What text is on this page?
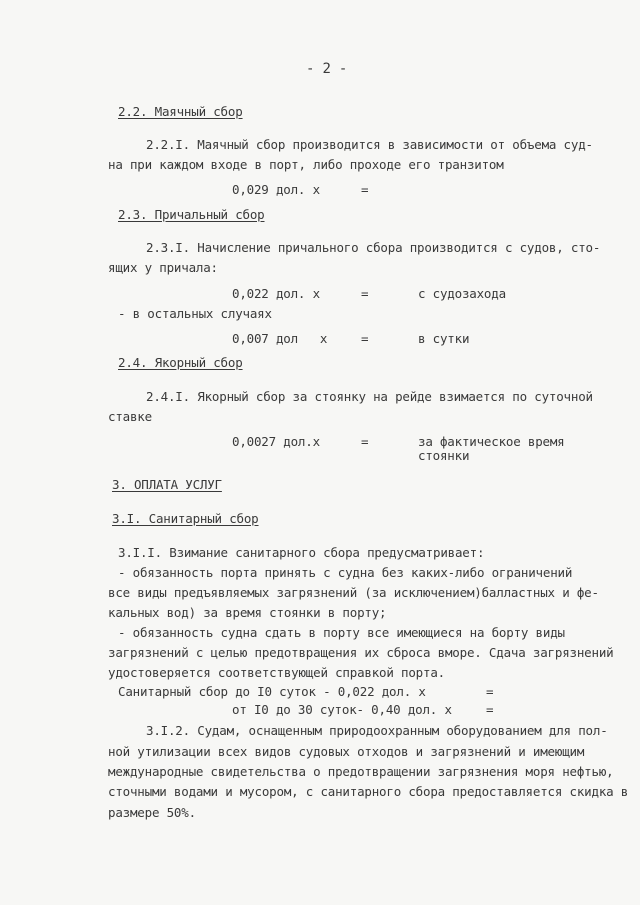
- 2 -
2.2. Маячный сбор
2.2.I. Маячный сбор производится в зависимости от объема суд-
на при каждом входе в порт, либо проходе его транзитом
0,029 дол. х	=
2.3. Причальный сбор
2.3.I. Начисление причального сбора производится с судов, сто-
ящих у причала:
0,022 дол. х	=	с судозахода
- в остальных случаях
0,007 дол   х	=	в сутки
2.4. Якорный сбор
2.4.I. Якорный сбор за стоянку на рейде взимается по суточной
ставке
0,0027 дол.х	=	за фактическое время
стоянки
3. ОПЛАТА УСЛУГ
3.I. Санитарный сбор
3.I.I. Взимание санитарного сбора предусматривает:
- обязанность порта принять с судна без каких-либо ограничений
все виды предъявляемых загрязнений (за исключением)балластных и фе-
кальных вод) за время стоянки в порту;
- обязанность судна сдать в порту все имеющиеся на борту виды
загрязнений с целью предотвращения их сброса вморе. Сдача загрязнений
удостоверяется соответствующей справкой порта.
Санитарный сбор до I0 суток - 0,022 дол. х	=
от I0 до 30 суток- 0,40 дол. х	=
3.I.2. Судам, оснащенным природоохранным оборудованием для пол-
ной утилизации всех видов судовых отходов и загрязнений и имеющим
международные свидетельства о предотвращении загрязнения моря нефтью,
сточными водами и мусором, с санитарного сбора предоставляется скидка в
размере 50%.
